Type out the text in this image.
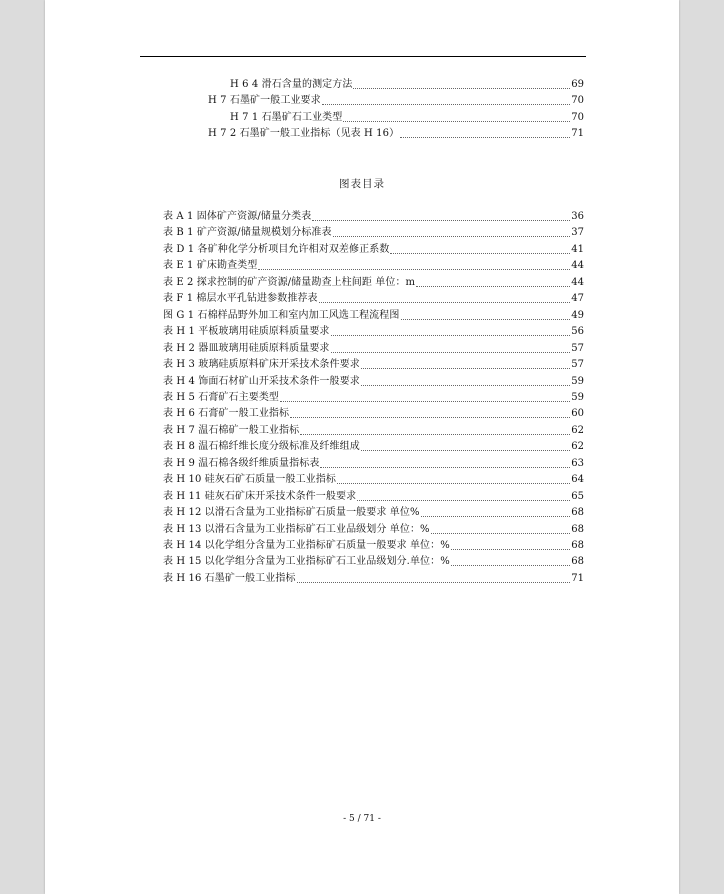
H 6 4 滑石含量的测定方法	69
H 7 石墨矿一般工业要求	70
H 7 1 石墨矿石工业类型	70
H 7 2 石墨矿一般工业指标（见表 H 16）	71
图表目录
表 A 1 固体矿产资源/储量分类表	36
表 B 1 矿产资源/储量规模划分标准表	37
表 D 1 各矿种化学分析项目允许相对双差修正系数	41
表 E 1 矿床勘查类型	44
表 E 2 探求控制的矿产资源/储量勘查上柱间距 单位：m	44
表 F 1 棉层水平孔钻进参数推荐表	47
图 G 1 石棉样品野外加工和室内加工风选工程流程图	49
表 H 1 平板玻璃用硅质原料质量要求	56
表 H 2 器皿玻璃用硅质原料质量要求	57
表 H 3 玻璃硅质原料矿床开采技术条件要求	57
表 H 4 饰面石材矿山开采技术条件一般要求	59
表 H 5 石膏矿石主要类型	59
表 H 6 石膏矿一般工业指标	60
表 H 7 温石棉矿一般工业指标	62
表 H 8 温石棉纤维长度分级标准及纤维组成	62
表 H 9 温石棉各级纤维质量指标表	63
表 H 10 硅灰石矿石质量一般工业指标	64
表 H 11 硅灰石矿床开采技术条件一般要求	65
表 H 12 以滑石含量为工业指标矿石质量一般要求 单位%	68
表 H 13 以滑石含量为工业指标矿石工业品级划分 单位：%	68
表 H 14 以化学组分含量为工业指标矿石质量一般要求 单位：%	68
表 H 15 以化学组分含量为工业指标矿石工业品级划分.单位：%	68
表 H 16 石墨矿一般工业指标	71
- 5 / 71 -
